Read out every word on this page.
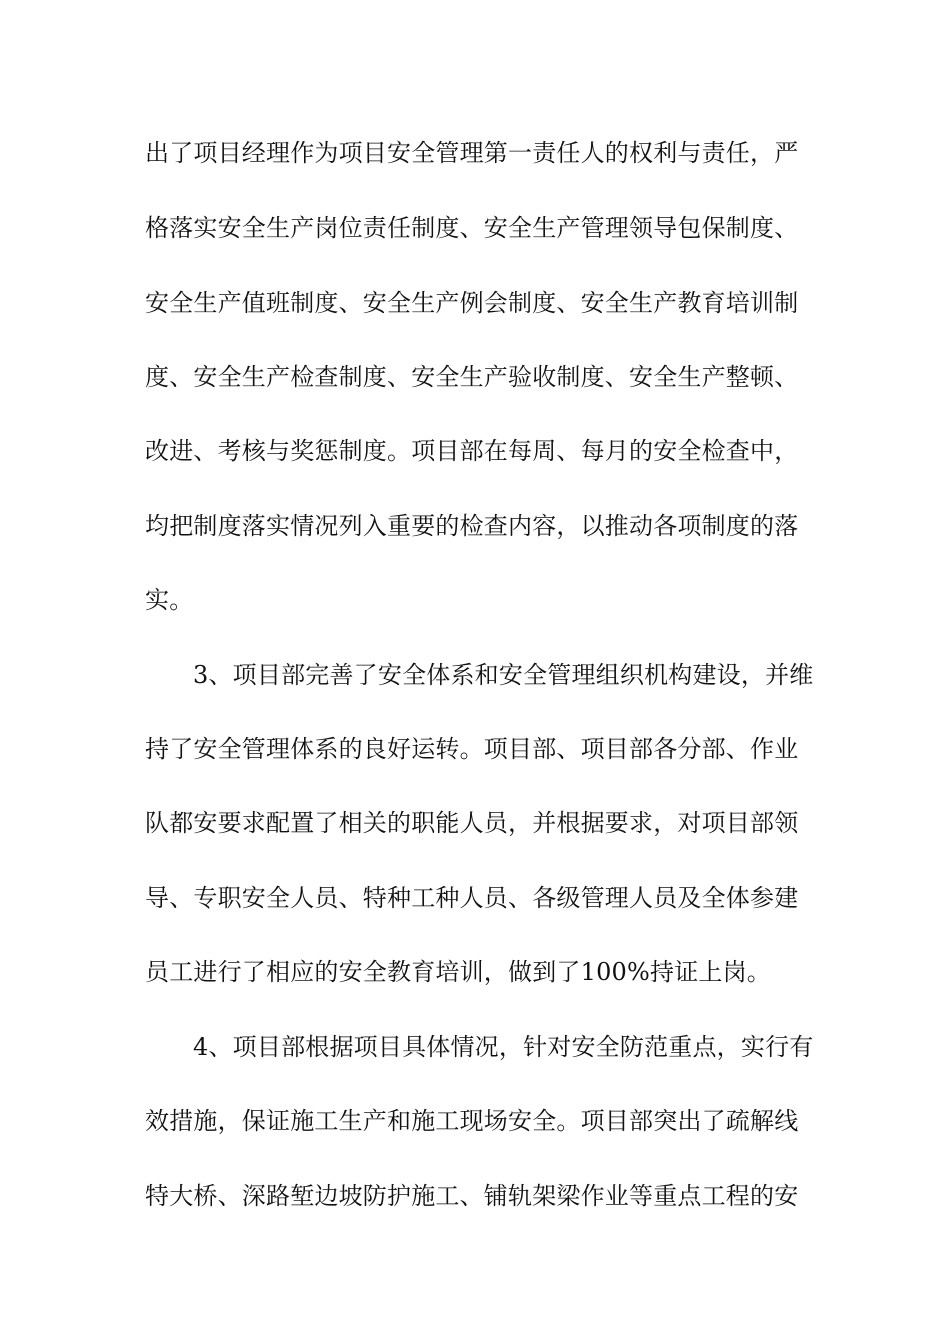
出了项目经理作为项目安全管理第一责任人的权利与责任，严
格落实安全生产岗位责任制度、安全生产管理领导包保制度、
安全生产值班制度、安全生产例会制度、安全生产教育培训制
度、安全生产检查制度、安全生产验收制度、安全生产整顿、
改进、考核与奖惩制度。项目部在每周、每月的安全检查中，
均把制度落实情况列入重要的检查内容，以推动各项制度的落
实。
3、项目部完善了安全体系和安全管理组织机构建设，并维
持了安全管理体系的良好运转。项目部、项目部各分部、作业
队都安要求配置了相关的职能人员，并根据要求，对项目部领
导、专职安全人员、特种工种人员、各级管理人员及全体参建
员工进行了相应的安全教育培训，做到了100%持证上岗。
4、项目部根据项目具体情况，针对安全防范重点，实行有
效措施，保证施工生产和施工现场安全。项目部突出了疏解线
特大桥、深路堑边坡防护施工、铺轨架梁作业等重点工程的安
